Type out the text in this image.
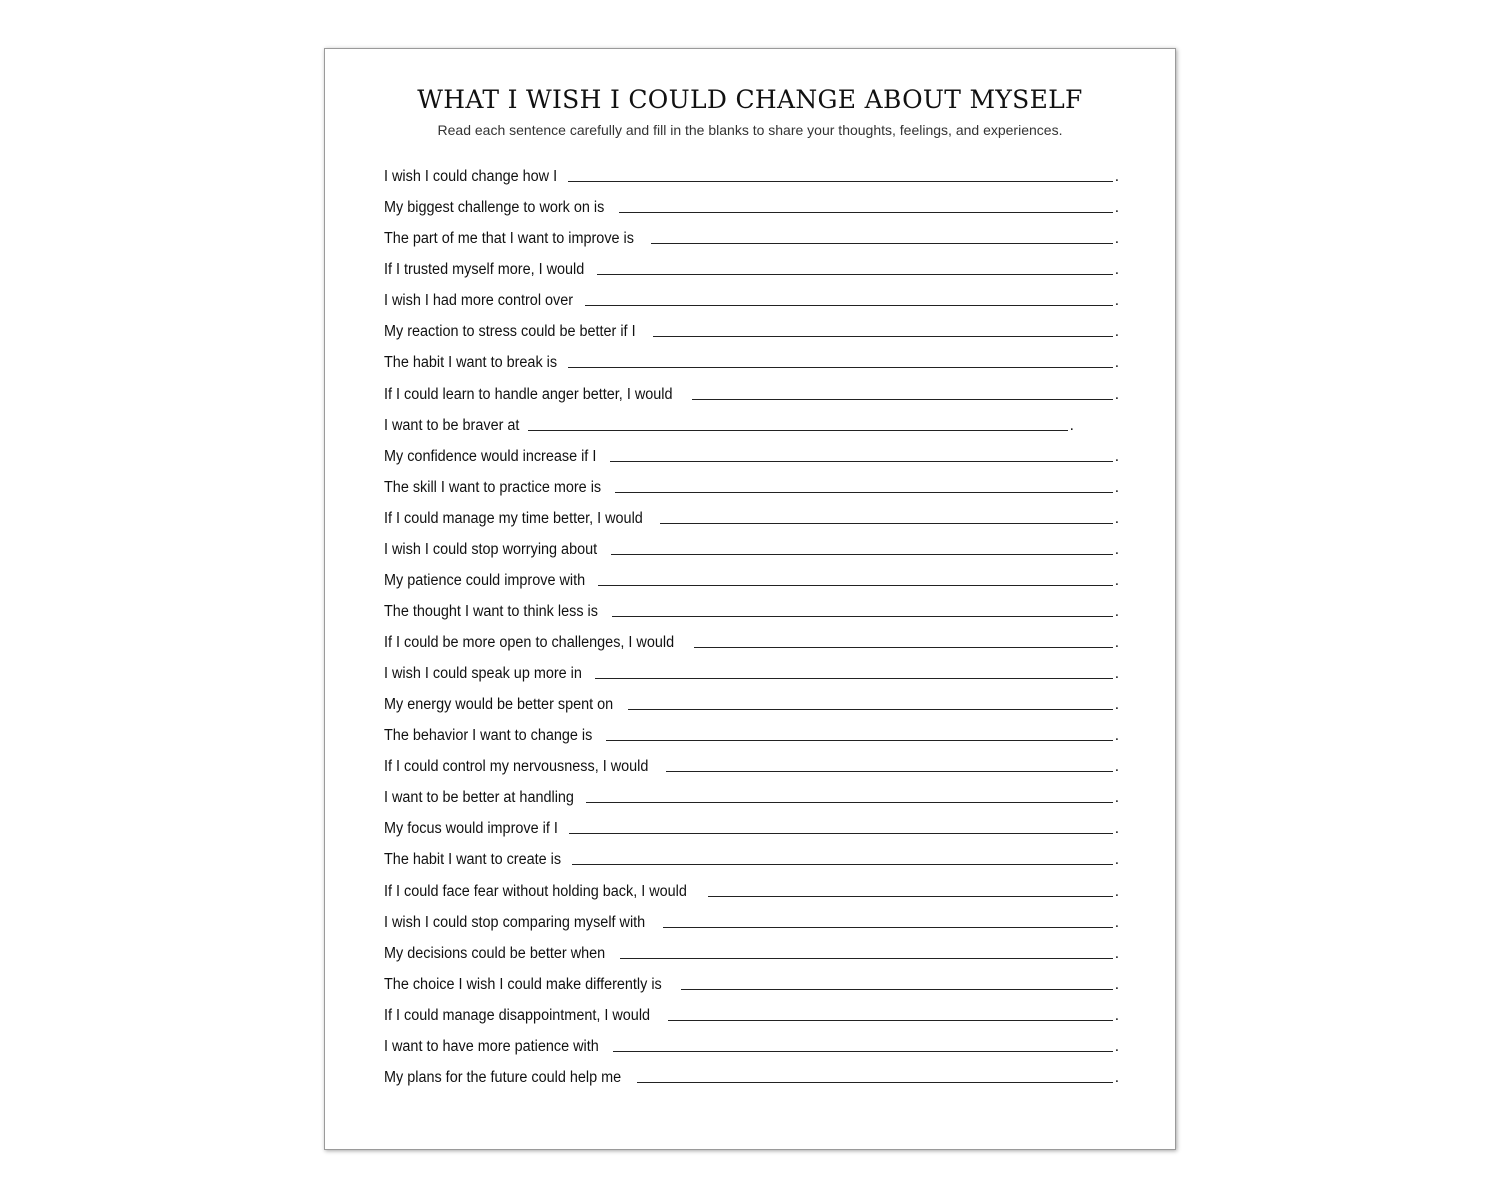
WHAT I WISH I COULD CHANGE ABOUT MYSELF
Read each sentence carefully and fill in the blanks to share your thoughts, feelings, and experiences.
I wish I could change how I	.
My biggest challenge to work on is	.
The part of me that I want to improve is	.
If I trusted myself more, I would	.
I wish I had more control over	.
My reaction to stress could be better if I	.
The habit I want to break is	.
If I could learn to handle anger better, I would	.
I want to be braver at	.
My confidence would increase if I	.
The skill I want to practice more is	.
If I could manage my time better, I would	.
I wish I could stop worrying about	.
My patience could improve with	.
The thought I want to think less is	.
If I could be more open to challenges, I would	.
I wish I could speak up more in	.
My energy would be better spent on	.
The behavior I want to change is	.
If I could control my nervousness, I would	.
I want to be better at handling	.
My focus would improve if I	.
The habit I want to create is	.
If I could face fear without holding back, I would	.
I wish I could stop comparing myself with	.
My decisions could be better when	.
The choice I wish I could make differently is	.
If I could manage disappointment, I would	.
I want to have more patience with	.
My plans for the future could help me	.
